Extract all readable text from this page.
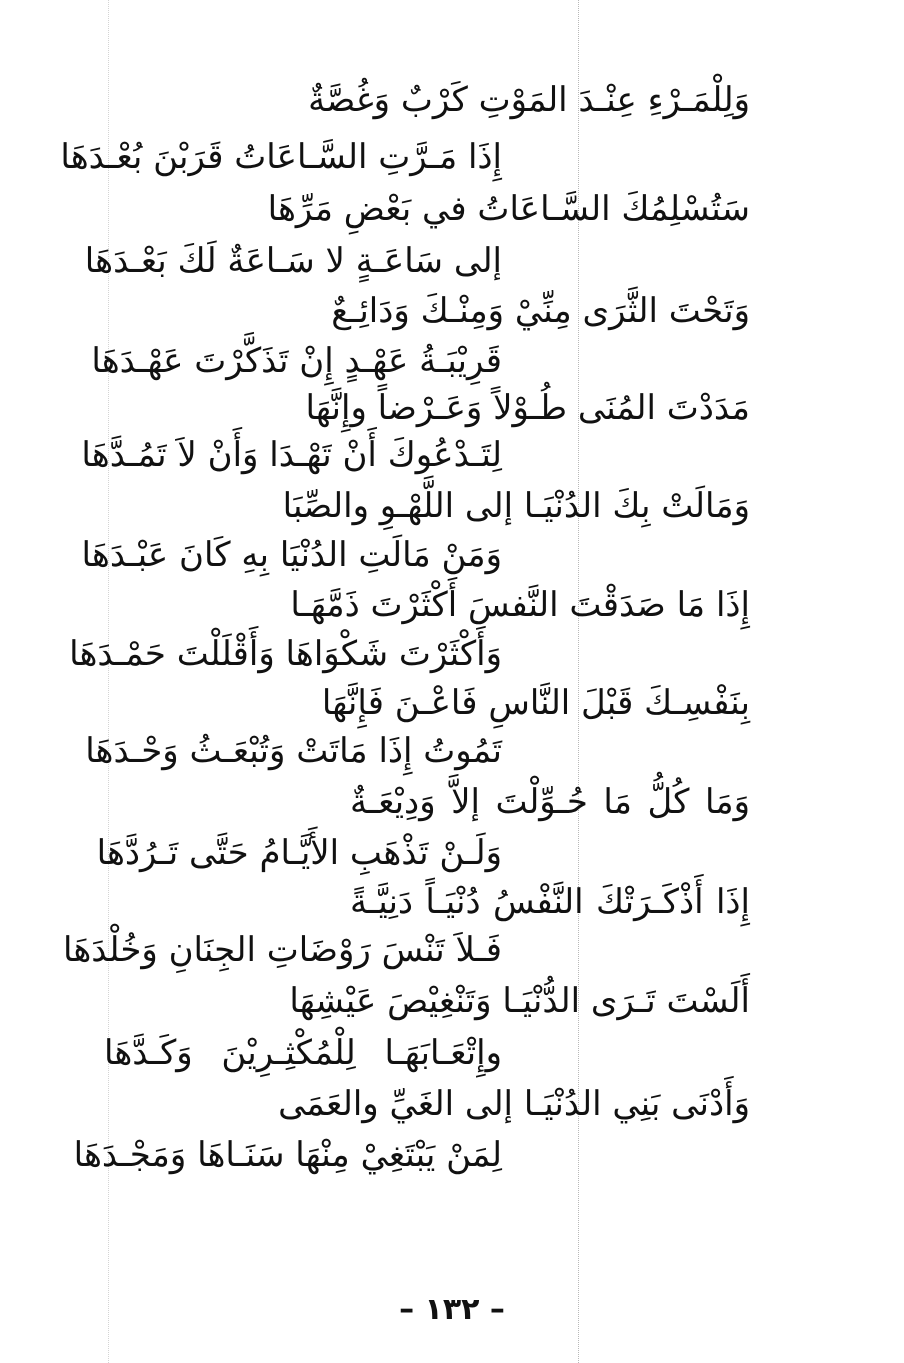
وَلِلْمَـرْءِ عِنْـدَ المَوْتِ كَرْبٌ وَغُصَّةٌ
إِذَا مَـرَّتِ السَّـاعَاتُ قَرَبْنَ بُعْـدَهَا
سَتُسْلِمُكَ السَّـاعَاتُ في بَعْضِ مَرِّهَا
إلى سَاعَـةٍ لا سَـاعَةٌ لَكَ بَعْـدَهَا
وَتَحْتَ الثَّرَى مِنِّيْ وَمِنْـكَ وَدَائِـعٌ
قَرِيْبَـةُ عَهْـدٍ إِنْ تَذَكَّرْتَ عَهْـدَهَا
مَدَدْتَ المُنَى طُـوْلاً وَعَـرْضاً وإِنَّهَا
لِتَـدْعُوكَ أَنْ تَهْـدَا وَأَنْ لاَ تَمُـدَّهَا
وَمَالَتْ بِكَ الدُنْيَـا إلى اللَّهْـوِ والصِّبَا
وَمَنْ مَالَتِ الدُنْيَا بِهِ كَانَ عَبْـدَهَا
إِذَا مَا صَدَقْتَ النَّفسَ أَكْثَرْتَ ذَمَّهَـا
وَأَكْثَرْتَ شَكْوَاهَا وَأَقْلَلْتَ حَمْـدَهَا
بِنَفْسِـكَ قَبْلَ النَّاسِ فَاعْـنَ فَإِنَّهَا
تَمُوتُ إِذَا مَاتَتْ وَتُبْعَـثُ وَحْـدَهَا
وَمَا كُلُّ مَا حُـوِّلْتَ إلاَّ وَدِيْعَـةٌ
وَلَـنْ تَذْهَبِ الأَيَّـامُ حَتَّى تَـرُدَّهَا
إِذَا أَذْكَـرَتْكَ النَّفْسُ دُنْيَـاً دَنِيَّـةً
فَـلاَ تَنْسَ رَوْضَاتِ الجِنَانِ وَخُلْدَهَا
أَلَسْتَ تَـرَى الدُّنْيَـا وَتَنْغِيْصَ عَيْشِهَا
وإِتْعَـابَهَـا لِلْمُكْثِـرِيْنَ وَكَـدَّهَا
وَأَدْنَى بَنِي الدُنْيَـا إلى الغَيِّ والعَمَى
لِمَنْ يَبْتَغِيْ مِنْهَا سَنَـاهَا وَمَجْـدَهَا
– ١٣٢ –
